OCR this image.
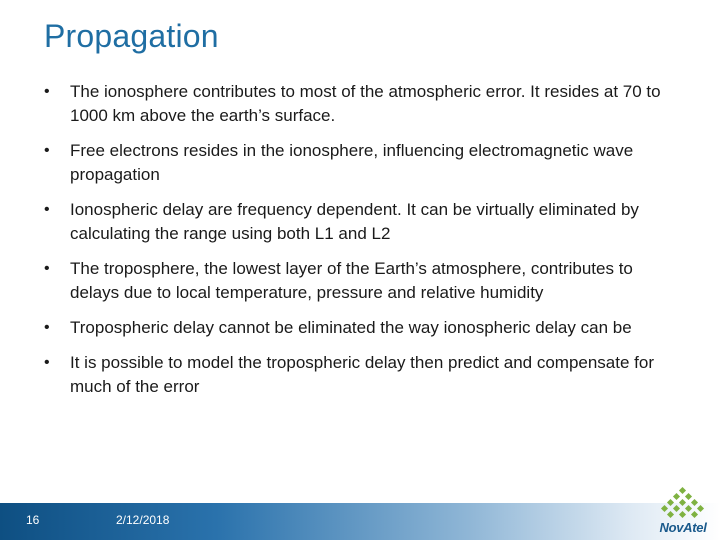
Propagation
• The ionosphere contributes to most of the atmospheric error. It resides at 70 to 1000 km above the earth’s surface.
• Free electrons resides in the ionosphere, influencing electromagnetic wave propagation
• Ionospheric delay are frequency dependent. It can be virtually eliminated by calculating the range using both L1 and L2
• The troposphere, the lowest layer of the Earth’s atmosphere, contributes to delays due to local temperature, pressure and relative humidity
• Tropospheric delay cannot be eliminated the way ionospheric delay can be
• It is possible to model the tropospheric delay then predict and compensate for much of the error
16	2/12/2018	NovAtel
